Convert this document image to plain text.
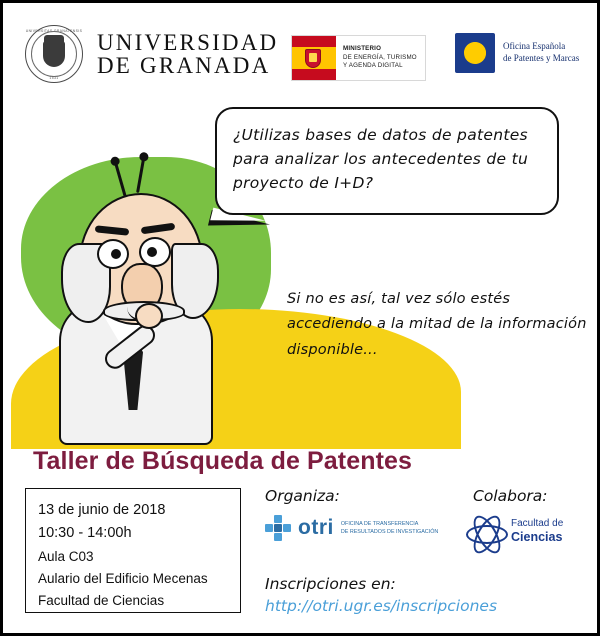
UNIVERSITAS GRANATENSIS
1531
UNIVERSIDAD
DE GRANADA
MINISTERIO
DE ENERGÍA, TURISMO
Y AGENDA DIGITAL
Oficina Española
de Patentes y Marcas
¿Utilizas bases de datos de patentes para analizar los antecedentes de tu proyecto de I+D?
Si no es así, tal vez sólo estés accediendo a la mitad de la información disponible...
Taller de Búsqueda de Patentes
13 de junio de 2018
10:30 - 14:00h
Aula C03
Aulario del Edificio Mecenas
Facultad de Ciencias
Organiza:
otri OFICINA DE TRANSFERENCIA
DE RESULTADOS DE INVESTIGACIÓN
Colabora:
Facultad de
Ciencias
Inscripciones en:
http://otri.ugr.es/inscripciones
